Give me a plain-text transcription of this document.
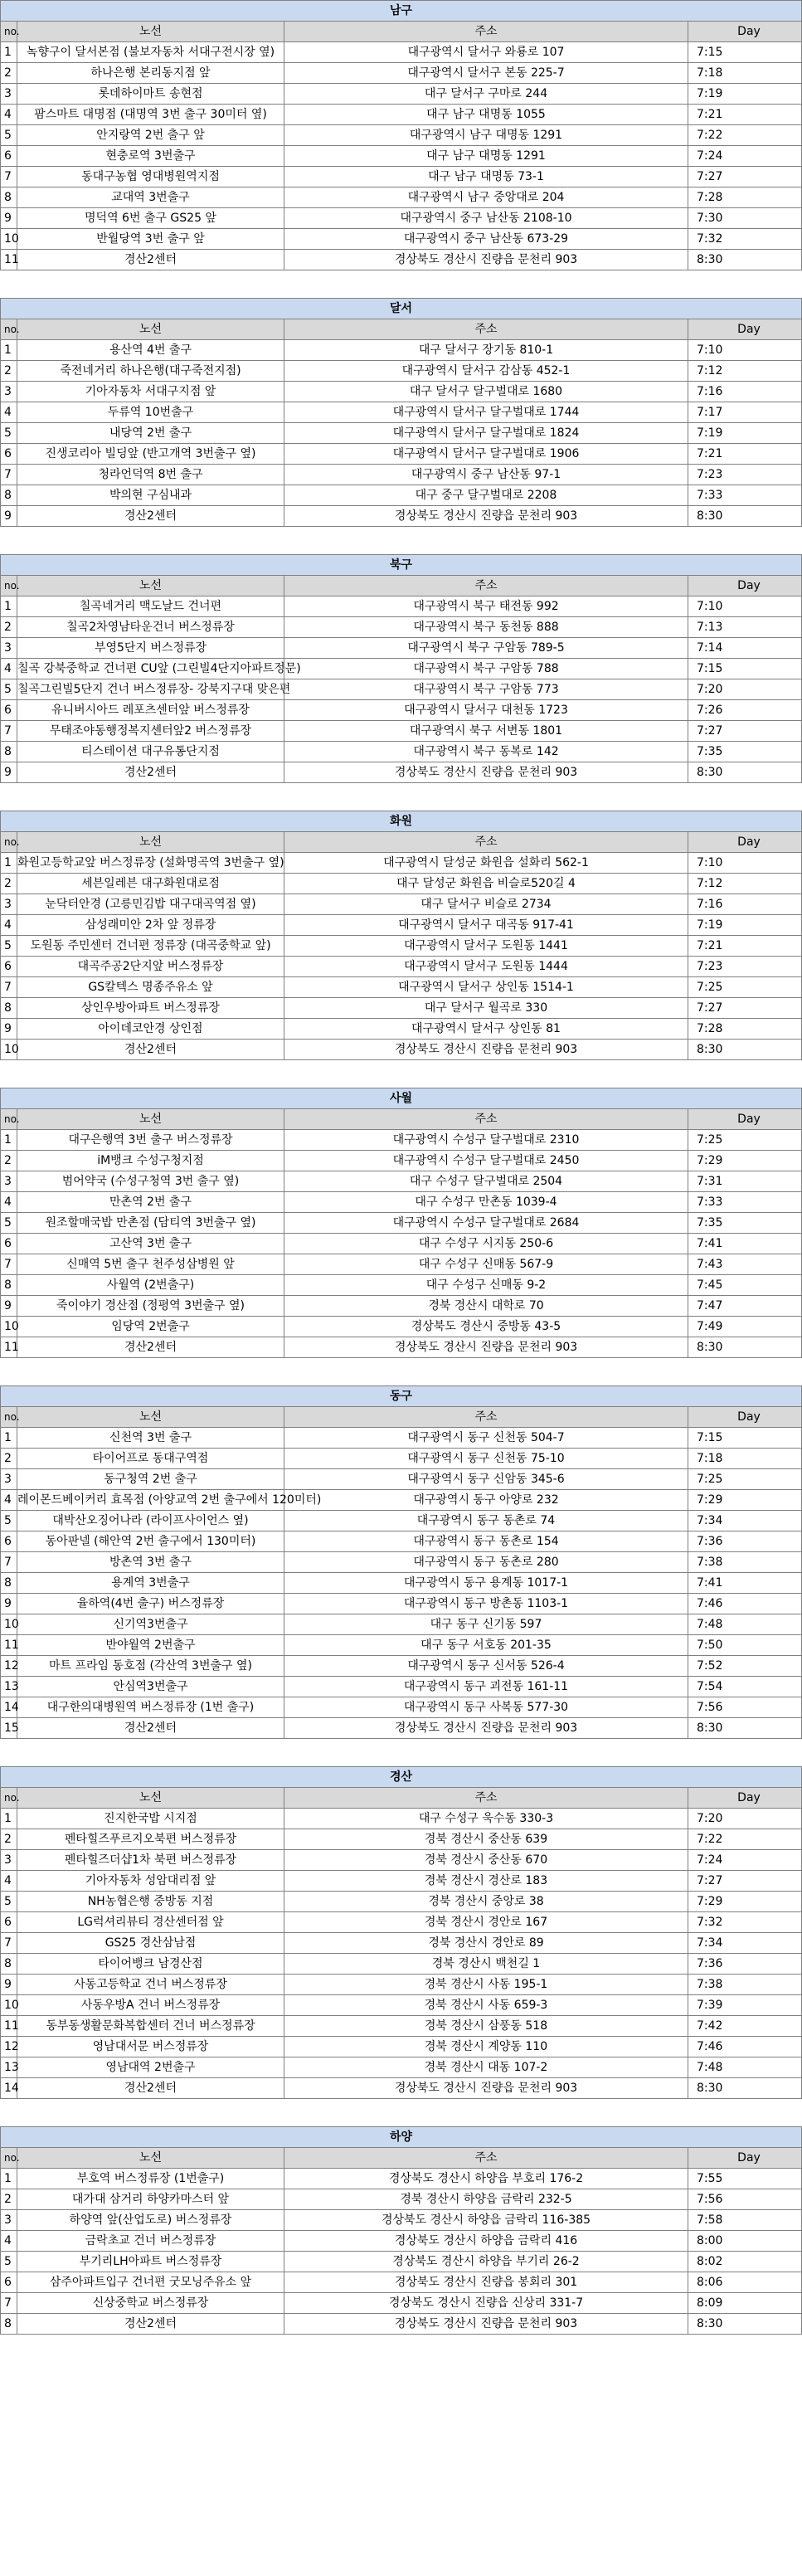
남구			
no.	노선	주소	Day
1	녹향구이 달서본점 (불보자동차 서대구전시장 옆)	대구광역시 달서구 와룡로 107	7:15
2	하나은행 본리동지점 앞	대구광역시 달서구 본동 225-7	7:18
3	롯데하이마트 송현점	대구 달서구 구마로 244	7:19
4	팜스마트 대명점 (대명역 3번 출구 30미터 옆)	대구 남구 대명동 1055	7:21
5	안지랑역 2번 출구 앞	대구광역시 남구 대명동 1291	7:22
6	현충로역 3번출구	대구 남구 대명동 1291	7:24
7	동대구농협 영대병원역지점	대구 남구 대명동 73-1	7:27
8	교대역 3번출구	대구광역시 남구 중앙대로 204	7:28
9	명덕역 6번 출구 GS25 앞	대구광역시 중구 남산동 2108-10	7:30
10	반월당역 3번 출구 앞	대구광역시 중구 남산동 673-29	7:32
11	경산2센터	경상북도 경산시 진량읍 문천리 903	8:30
달서			
no.	노선	주소	Day
1	용산역 4번 출구	대구 달서구 장기동 810-1	7:10
2	죽전네거리 하나은행(대구죽전지점)	대구광역시 달서구 감삼동 452-1	7:12
3	기아자동차 서대구지점 앞	대구 달서구 달구벌대로 1680	7:16
4	두류역 10번출구	대구광역시 달서구 달구벌대로 1744	7:17
5	내당역 2번 출구	대구광역시 달서구 달구벌대로 1824	7:19
6	진생코리아 빌딩앞 (반고개역 3번출구 옆)	대구광역시 달서구 달구벌대로 1906	7:21
7	청라언덕역 8번 출구	대구광역시 중구 남산동 97-1	7:23
8	박의현 구심내과	대구 중구 달구벌대로 2208	7:33
9	경산2센터	경상북도 경산시 진량읍 문천리 903	8:30
북구			
no.	노선	주소	Day
1	칠곡네거리 맥도날드 건너편	대구광역시 북구 태전동 992	7:10
2	칠곡2차영남타운건너 버스정류장	대구광역시 북구 동천동 888	7:13
3	부영5단지 버스정류장	대구광역시 북구 구암동 789-5	7:14
4	칠곡 강북중학교 건너편 CU앞 (그린빌4단지아파트정문)	대구광역시 북구 구암동 788	7:15
5	칠곡그린빌5단지 건너 버스정류장- 강북지구대 맞은편	대구광역시 북구 구암동 773	7:20
6	유니버시아드 레포츠센터앞 버스정류장	대구광역시 달서구 대천동 1723	7:26
7	무태조야동행정복지센터앞2 버스정류장	대구광역시 북구 서변동 1801	7:27
8	티스테이션 대구유통단지점	대구광역시 북구 동복로 142	7:35
9	경산2센터	경상북도 경산시 진량읍 문천리 903	8:30
화원			
no.	노선	주소	Day
1	화원고등학교앞 버스정류장 (설화명곡역 3번출구 옆)	대구광역시 달성군 화원읍 설화리 562-1	7:10
2	세븐일레븐 대구화원대로점	대구 달성군 화원읍 비슬로520길 4	7:12
3	눈닥터안경 (고릉민김밥 대구대곡역점 옆)	대구 달서구 비슬로 2734	7:16
4	삼성래미안 2차 앞 정류장	대구광역시 달서구 대곡동 917-41	7:19
5	도원동 주민센터 건너편 정류장 (대곡중학교 앞)	대구광역시 달서구 도원동 1441	7:21
6	대곡주공2단지앞 버스정류장	대구광역시 달서구 도원동 1444	7:23
7	GS칼텍스 명종주유소 앞	대구광역시 달서구 상인동 1514-1	7:25
8	상인우방아파트 버스정류장	대구 달서구 월곡로 330	7:27
9	아이데코안경 상인점	대구광역시 달서구 상인동 81	7:28
10	경산2센터	경상북도 경산시 진량읍 문천리 903	8:30
사월			
no.	노선	주소	Day
1	대구은행역 3번 출구 버스정류장	대구광역시 수성구 달구벌대로 2310	7:25
2	iM뱅크 수성구청지점	대구광역시 수성구 달구벌대로 2450	7:29
3	범어약국 (수성구청역 3번 출구 옆)	대구 수성구 달구벌대로 2504	7:31
4	만촌역 2번 출구	대구 수성구 만촌동 1039-4	7:33
5	원조할매국밥 만촌점 (담티역 3번출구 옆)	대구광역시 수성구 달구벌대로 2684	7:35
6	고산역 3번 출구	대구 수성구 시지동 250-6	7:41
7	신매역 5번 출구 천주성삼병원 앞	대구 수성구 신매동 567-9	7:43
8	사월역 (2번출구)	대구 수성구 신매동 9-2	7:45
9	죽이야기 경산점 (정평역 3번출구 옆)	경북 경산시 대학로 70	7:47
10	임당역 2번출구	경상북도 경산시 중방동 43-5	7:49
11	경산2센터	경상북도 경산시 진량읍 문천리 903	8:30
동구			
no.	노선	주소	Day
1	신천역 3번 출구	대구광역시 동구 신천동 504-7	7:15
2	타이어프로 동대구역점	대구광역시 동구 신천동 75-10	7:18
3	동구청역 2번 출구	대구광역시 동구 신암동 345-6	7:25
4	레이몬드베이커리 효목점 (아양교역 2번 출구에서 120미터)	대구광역시 동구 아양로 232	7:29
5	대박산오징어나라 (라이프사이언스 옆)	대구광역시 동구 동촌로 74	7:34
6	동아판넬 (해안역 2번 출구에서 130미터)	대구광역시 동구 동촌로 154	7:36
7	방촌역 3번 출구	대구광역시 동구 동촌로 280	7:38
8	용계역 3번출구	대구광역시 동구 용계동 1017-1	7:41
9	율하역(4번 출구) 버스정류장	대구광역시 동구 방촌동 1103-1	7:46
10	신기역3번출구	대구 동구 신기동 597	7:48
11	반야월역 2번출구	대구 동구 서호동 201-35	7:50
12	마트 프라임 동호점 (각산역 3번출구 옆)	대구광역시 동구 신서동 526-4	7:52
13	안심역3번출구	대구광역시 동구 괴전동 161-11	7:54
14	대구한의대병원역 버스정류장 (1번 출구)	대구광역시 동구 사복동 577-30	7:56
15	경산2센터	경상북도 경산시 진량읍 문천리 903	8:30
경산			
no.	노선	주소	Day
1	진지한국밥 시지점	대구 수성구 욱수동 330-3	7:20
2	펜타힐즈푸르지오북편 버스정류장	경북 경산시 중산동 639	7:22
3	펜타힐즈더샵1차 북편 버스정류장	경북 경산시 중산동 670	7:24
4	기아자동차 성암대리점 앞	경북 경산시 경산로 183	7:27
5	NH농협은행 중방동 지점	경북 경산시 중앙로 38	7:29
6	LG럭셔리뷰티 경산센터점 앞	경북 경산시 경안로 167	7:32
7	GS25 경산삼남점	경북 경산시 경안로 89	7:34
8	타이어뱅크 남경산점	경북 경산시 백천길 1	7:36
9	사동고등학교 건너 버스정류장	경북 경산시 사동 195-1	7:38
10	사동우방A 건너 버스정류장	경북 경산시 사동 659-3	7:39
11	동부동생활문화복합센터 건너 버스정류장	경북 경산시 삼풍동 518	7:42
12	영남대서문 버스정류장	경북 경산시 계양동 110	7:46
13	영남대역 2번출구	경북 경산시 대동 107-2	7:48
14	경산2센터	경상북도 경산시 진량읍 문천리 903	8:30
하양			
no.	노선	주소	Day
1	부호역 버스정류장 (1번출구)	경상북도 경산시 하양읍 부호리 176-2	7:55
2	대가대 삼거리 하양카마스터 앞	경북 경산시 하양읍 금락리 232-5	7:56
3	하양역 앞(산업도로) 버스정류장	경상북도 경산시 하양읍 금락리 116-385	7:58
4	금락초교 건너 버스정류장	경상북도 경산시 하양읍 금락리 416	8:00
5	부기리LH아파트 버스정류장	경상북도 경산시 하양읍 부기리 26-2	8:02
6	삼주아파트입구 건너편 굿모닝주유소 앞	경상북도 경산시 진량읍 봉회리 301	8:06
7	신상중학교 버스정류장	경상북도 경산시 진량읍 신상리 331-7	8:09
8	경산2센터	경상북도 경산시 진량읍 문천리 903	8:30
